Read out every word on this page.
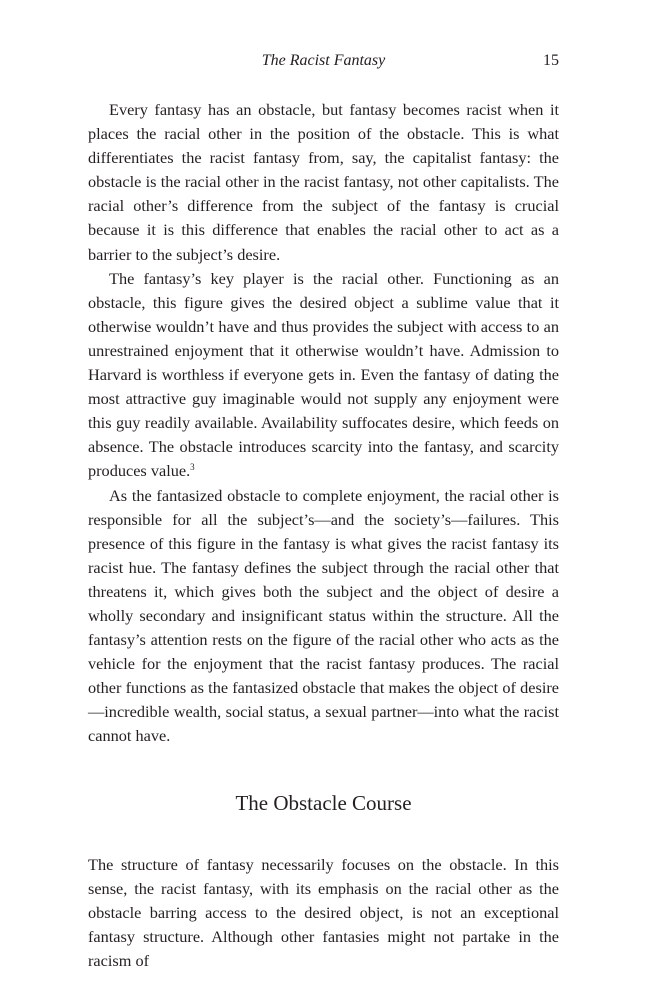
The Racist Fantasy	15

Every fantasy has an obstacle, but fantasy becomes racist when it places the racial other in the position of the obstacle. This is what differentiates the racist fantasy from, say, the capitalist fantasy: the obstacle is the racial other in the racist fantasy, not other capitalists. The racial other’s difference from the subject of the fantasy is crucial because it is this difference that enables the racial other to act as a barrier to the subject’s desire.

The fantasy’s key player is the racial other. Functioning as an obstacle, this figure gives the desired object a sublime value that it otherwise wouldn’t have and thus provides the subject with access to an unrestrained enjoyment that it otherwise wouldn’t have. Admission to Harvard is worthless if everyone gets in. Even the fantasy of dating the most attractive guy imaginable would not supply any enjoyment were this guy readily available. Availability suffocates desire, which feeds on absence. The obstacle introduces scarcity into the fantasy, and scarcity produces value.$^3$

As the fantasized obstacle to complete enjoyment, the racial other is responsible for all the subject’s—and the society’s—failures. This presence of this figure in the fantasy is what gives the racist fantasy its racist hue. The fantasy defines the subject through the racial other that threatens it, which gives both the subject and the object of desire a wholly secondary and insignificant status within the structure. All the fantasy’s attention rests on the figure of the racial other who acts as the vehicle for the enjoyment that the racist fantasy produces. The racial other functions as the fantasized obstacle that makes the object of desire—incredible wealth, social status, a sexual partner—into what the racist cannot have.

The Obstacle Course

The structure of fantasy necessarily focuses on the obstacle. In this sense, the racist fantasy, with its emphasis on the racial other as the obstacle barring access to the desired object, is not an exceptional fantasy structure. Although other fantasies might not partake in the racism of
